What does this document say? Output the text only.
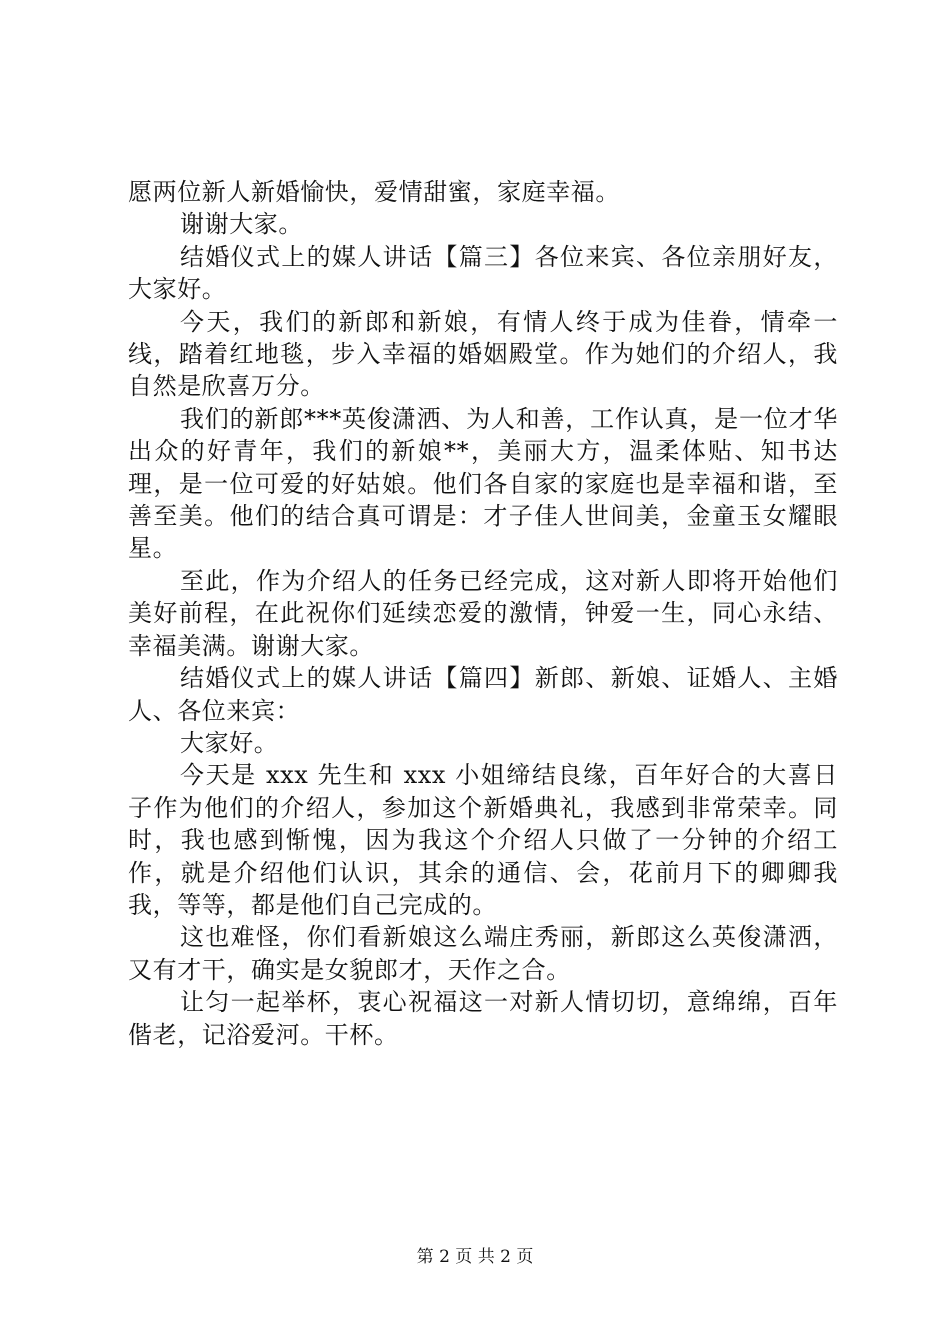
愿两位新人新婚愉快，爱情甜蜜，家庭幸福。

谢谢大家。

结婚仪式上的媒人讲话【篇三】各位来宾、各位亲朋好友，大家好。

今天，我们的新郎和新娘，有情人终于成为佳眷，情牵一线，踏着红地毯，步入幸福的婚姻殿堂。作为她们的介绍人，我自然是欣喜万分。

我们的新郎***英俊潇洒、为人和善，工作认真，是一位才华出众的好青年，我们的新娘**，美丽大方，温柔体贴、知书达理，是一位可爱的好姑娘。他们各自家的家庭也是幸福和谐，至善至美。他们的结合真可谓是：才子佳人世间美，金童玉女耀眼星。

至此，作为介绍人的任务已经完成，这对新人即将开始他们美好前程，在此祝你们延续恋爱的激情，钟爱一生，同心永结、幸福美满。谢谢大家。

结婚仪式上的媒人讲话【篇四】新郎、新娘、证婚人、主婚人、各位来宾：

大家好。

今天是 xxx 先生和 xxx 小姐缔结良缘，百年好合的大喜日子作为他们的介绍人，参加这个新婚典礼，我感到非常荣幸。同时，我也感到惭愧，因为我这个介绍人只做了一分钟的介绍工作，就是介绍他们认识，其余的通信、会，花前月下的卿卿我我，等等，都是他们自己完成的。

这也难怪，你们看新娘这么端庄秀丽，新郎这么英俊潇洒，又有才干，确实是女貌郎才，天作之合。

让匀一起举杯，衷心祝福这一对新人情切切，意绵绵，百年偕老，记浴爱河。干杯。

第 2 页 共 2 页
